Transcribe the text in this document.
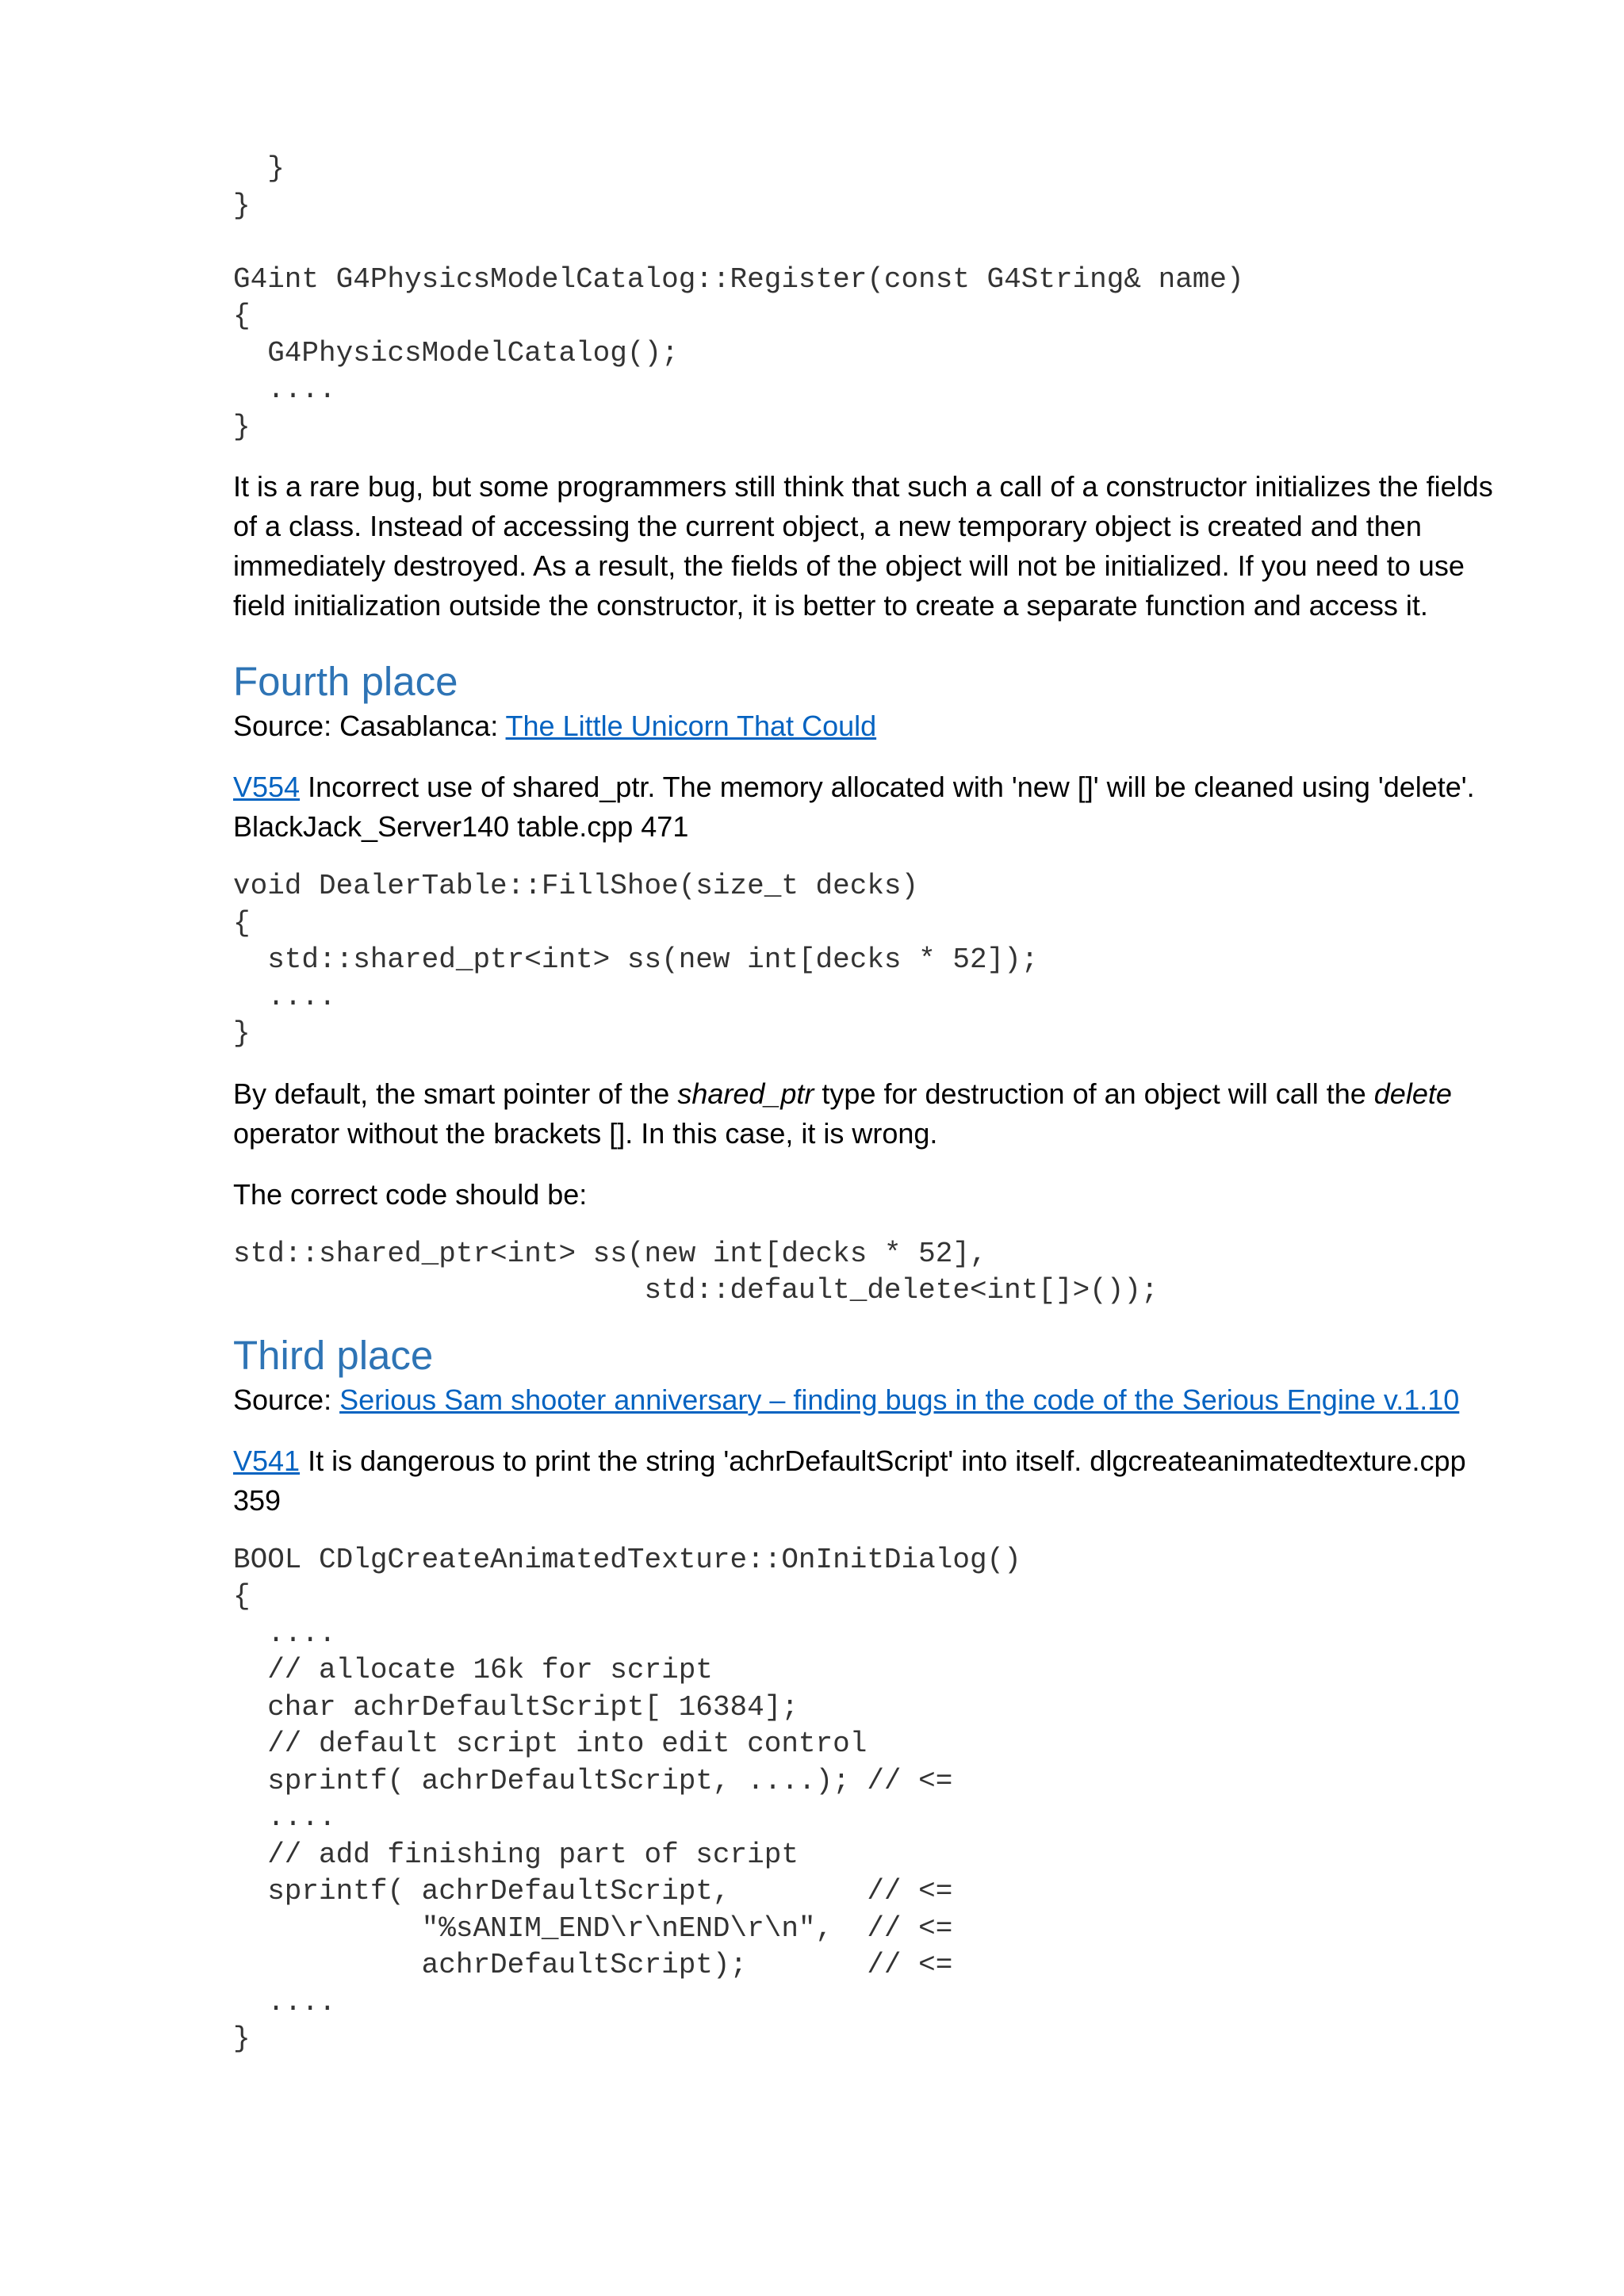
}
}

G4int G4PhysicsModelCatalog::Register(const G4String& name)
{
G4PhysicsModelCatalog();
....
}

It is a rare bug, but some programmers still think that such a call of a constructor initializes the fields of a class. Instead of accessing the current object, a new temporary object is created and then immediately destroyed. As a result, the fields of the object will not be initialized. If you need to use field initialization outside the constructor, it is better to create a separate function and access it.

Fourth place

Source: Casablanca: The Little Unicorn That Could

V554 Incorrect use of shared_ptr. The memory allocated with 'new []' will be cleaned using 'delete'. BlackJack_Server140 table.cpp 471

void DealerTable::FillShoe(size_t decks)
{
std::shared_ptr<int> ss(new int[decks * 52]);
....
}

By default, the smart pointer of the shared_ptr type for destruction of an object will call the delete operator without the brackets []. In this case, it is wrong.

The correct code should be:

std::shared_ptr<int> ss(new int[decks * 52],
std::default_delete<int[]>());
Third place

Source: Serious Sam shooter anniversary – finding bugs in the code of the Serious Engine v.1.10

V541 It is dangerous to print the string 'achrDefaultScript' into itself. dlgcreateanimatedtexture.cpp 359

BOOL CDlgCreateAnimatedTexture::OnInitDialog()
{
....
// allocate 16k for script
char achrDefaultScript[ 16384];
// default script into edit control
sprintf( achrDefaultScript, ....); // <=
....
// add finishing part of script
sprintf( achrDefaultScript,        // <=
"%sANIM_END\r\nEND\r\n",  // <=
achrDefaultScript);       // <=
....
}
